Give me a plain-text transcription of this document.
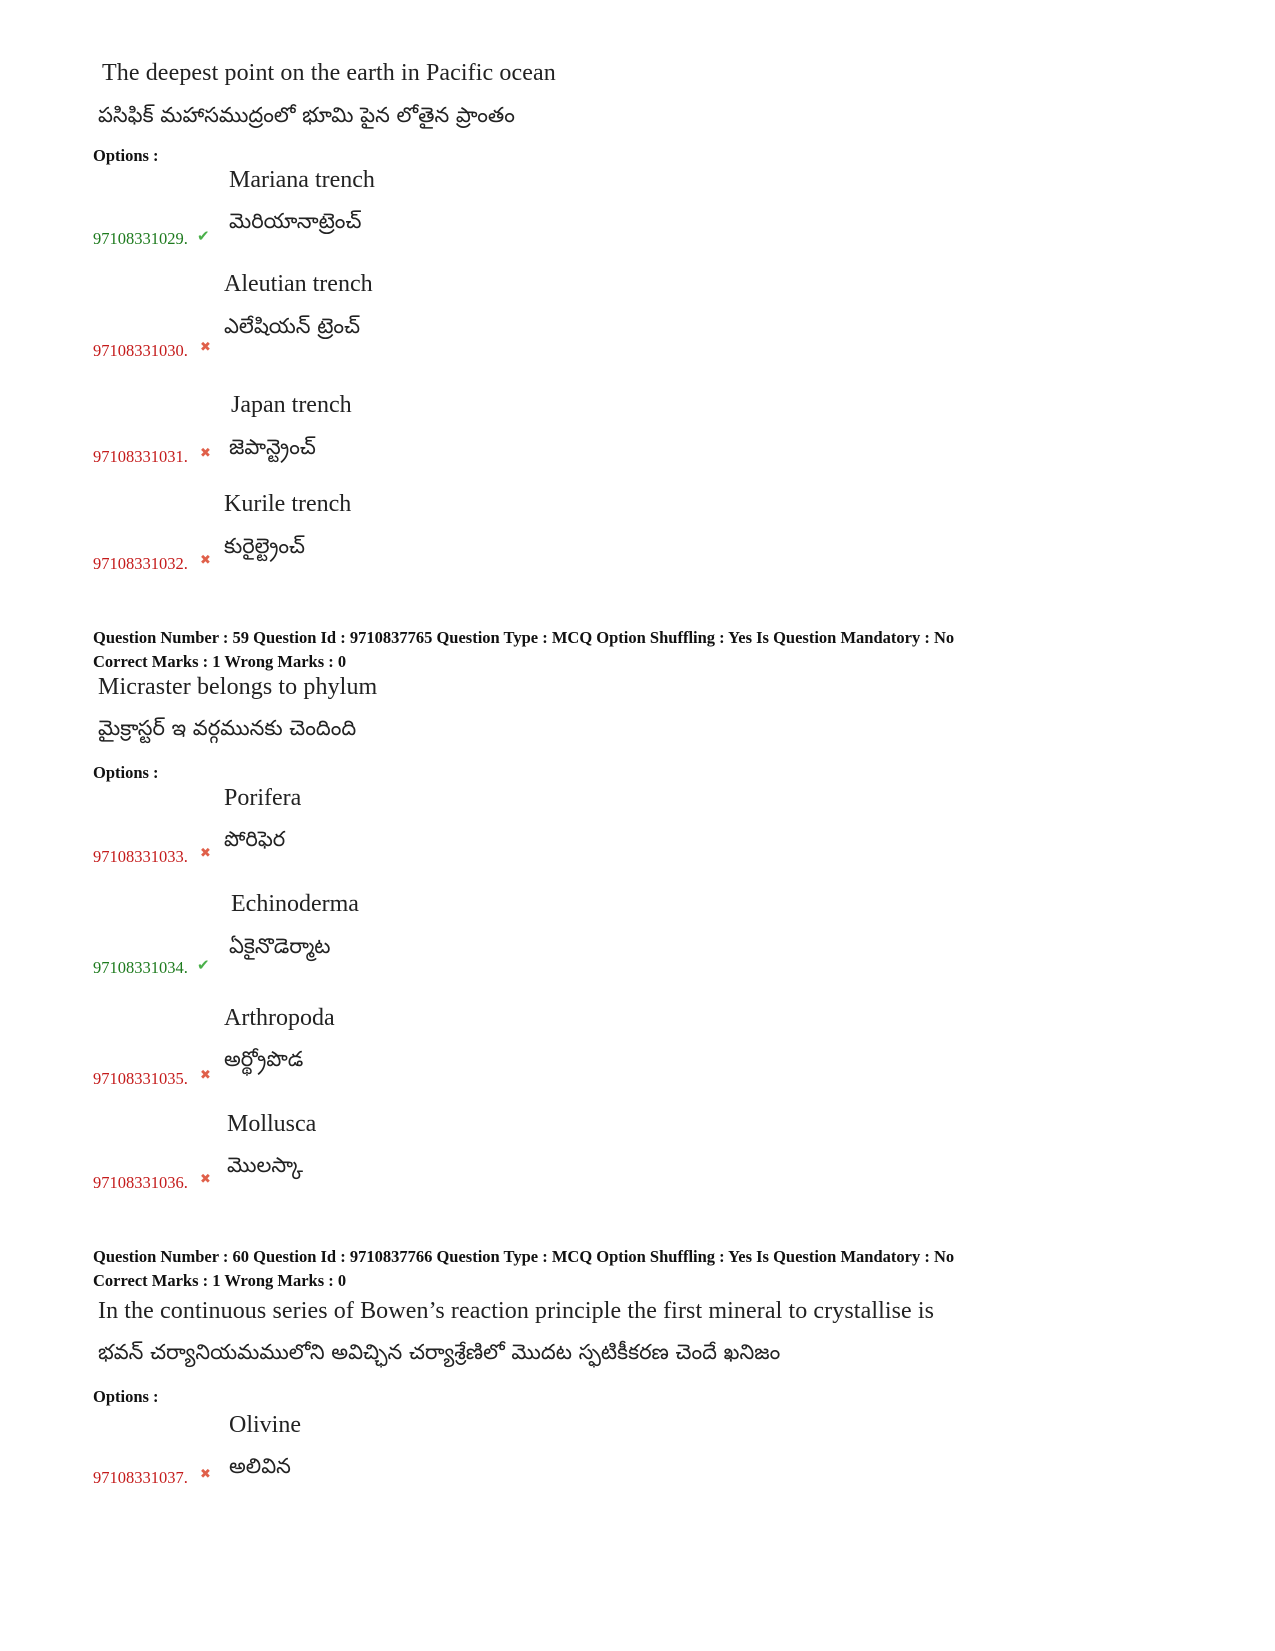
The deepest point on the earth in Pacific ocean
పసిఫిక్ మహాసముద్రంలో భూమి పైన లోతైన ప్రాంతం
Options :
Mariana trench
మెరియానాట్రెంచ్
97108331029. ✔
Aleutian trench
ఎలేషియన్ ట్రెంచ్
97108331030. ✖
Japan trench
జెపాన్ట్రెంచ్
97108331031. ✖
Kurile trench
కురైల్ట్రెంచ్
97108331032. ✖
Question Number : 59 Question Id : 9710837765 Question Type : MCQ Option Shuffling : Yes Is Question Mandatory : No
Correct Marks : 1 Wrong Marks : 0
Micraster belongs to phylum
మైక్రాస్టర్ ఇ వర్గమునకు చెందింది
Options :
Porifera
పోరిఫెర
97108331033. ✖
Echinoderma
ఏకైనొడెర్మాట
97108331034. ✔
Arthropoda
అర్థ్రోపొడ
97108331035. ✖
Mollusca
మొలస్కా
97108331036. ✖
Question Number : 60 Question Id : 9710837766 Question Type : MCQ Option Shuffling : Yes Is Question Mandatory : No
Correct Marks : 1 Wrong Marks : 0
In the continuous series of Bowen’s reaction principle the first mineral to crystallise is
భవన్ చర్యానియమములోని అవిచ్ఛిన చర్యాశ్రేణిలో మొదట స్ఫటికీకరణ చెందే ఖనిజం
Options :
Olivine
అలివిన
97108331037. ✖
